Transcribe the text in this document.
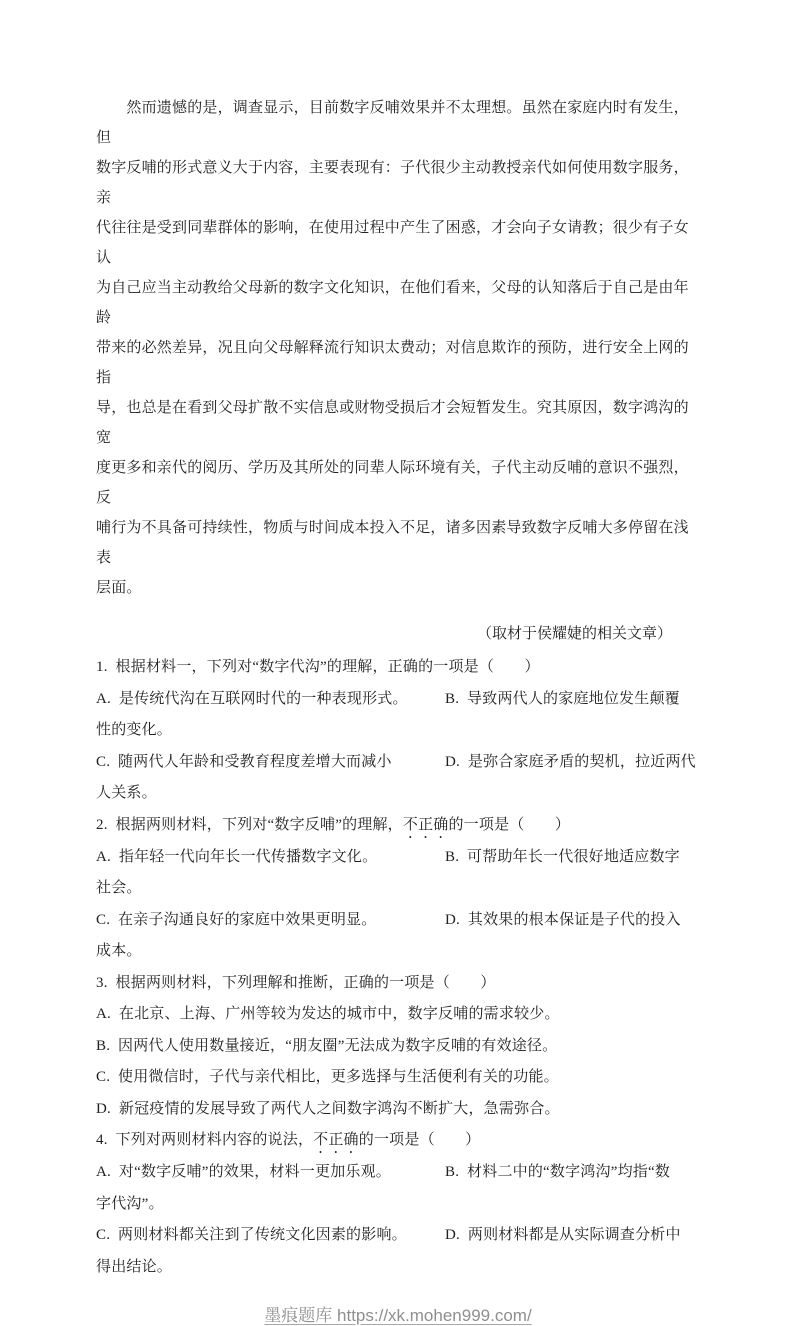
　　然而遗憾的是，调查显示，目前数字反哺效果并不太理想。虽然在家庭内时有发生，但
数字反哺的形式意义大于内容，主要表现有：子代很少主动教授亲代如何使用数字服务，亲
代往往是受到同辈群体的影响，在使用过程中产生了困惑，才会向子女请教；很少有子女认
为自己应当主动教给父母新的数字文化知识，在他们看来，父母的认知落后于自己是由年龄
带来的必然差异，况且向父母解释流行知识太费动；对信息欺诈的预防，进行安全上网的指
导，也总是在看到父母扩散不实信息或财物受损后才会短暂发生。究其原因，数字鸿沟的宽
度更多和亲代的阅历、学历及其所处的同辈人际环境有关，子代主动反哺的意识不强烈，反
哺行为不具备可持续性，物质与时间成本投入不足，诸多因素导致数字反哺大多停留在浅表
层面。
（取材于侯耀婕的相关文章）
1.  根据材料一，下列对“数字代沟”的理解，正确的一项是（　　）
A.  是传统代沟在互联网时代的一种表现形式。	B.  导致两代人的家庭地位发生颠覆
性的变化。
C.  随两代人年龄和受教育程度差增大而减小	D.  是弥合家庭矛盾的契机，拉近两代
人关系。
2.  根据两则材料，下列对“数字反哺”的理解，不正确的一项是（　　）
A.  指年轻一代向年长一代传播数字文化。	B.  可帮助年长一代很好地适应数字
社会。
C.  在亲子沟通良好的家庭中效果更明显。	D.  其效果的根本保证是子代的投入
成本。
3.  根据两则材料，下列理解和推断，正确的一项是（　　）
A.  在北京、上海、广州等较为发达的城市中，数字反哺的需求较少。
B.  因两代人使用数量接近，“朋友圈”无法成为数字反哺的有效途径。
C.  使用微信时，子代与亲代相比，更多选择与生活便利有关的功能。
D.  新冠疫情的发展导致了两代人之间数字鸿沟不断扩大，急需弥合。
4.  下列对两则材料内容的说法，不正确的一项是（　　）
A.  对“数字反哺”的效果，材料一更加乐观。	B.  材料二中的“数字鸿沟”均指“数
字代沟”。
C.  两则材料都关注到了传统文化因素的影响。	D.  两则材料都是从实际调查分析中
得出结论。
墨痕题库 https://xk.mohen999.com/
